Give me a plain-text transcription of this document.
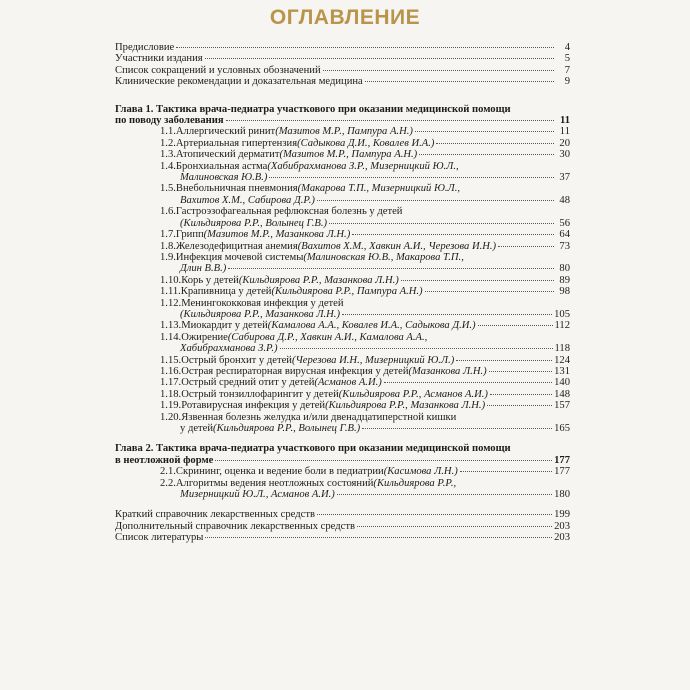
ОГЛАВЛЕНИЕ
Предисловие	4
Участники издания	5
Список сокращений и условных обозначений	7
Клинические рекомендации и доказательная медицина	9
Глава 1. Тактика врача-педиатра участкового при оказании медицинской помощи
по поводу заболевания	11
1.1. Аллергический ринит (Мазитов М.Р., Пампура А.Н.)	11
1.2. Артериальная гипертензия (Садыкова Д.И., Ковалев И.А.)	20
1.3. Атопический дерматит (Мазитов М.Р., Пампура А.Н.)	30
1.4. Бронхиальная астма (Хабибрахманова З.Р., Мизерницкий Ю.Л.,
Малиновская Ю.В.)	37
1.5. Внебольничная пневмония (Макарова Т.П., Мизерницкий Ю.Л.,
Вахитов Х.М., Сабирова Д.Р.)	48
1.6. Гастроэзофагеальная рефлюксная болезнь у детей
(Кильдиярова Р.Р., Волынец Г.В.)	56
1.7. Грипп (Мазитов М.Р., Мазанкова Л.Н.)	64
1.8. Железодефицитная анемия (Вахитов Х.М., Хавкин А.И., Черезова И.Н.)	73
1.9. Инфекция мочевой системы (Малиновская Ю.В., Макарова Т.П.,
Длин В.В.)	80
1.10. Корь у детей (Кильдиярова Р.Р., Мазанкова Л.Н.)	89
1.11. Крапивница у детей (Кильдиярова Р.Р., Пампура А.Н.)	98
1.12. Менингококковая инфекция у детей
(Кильдиярова Р.Р., Мазанкова Л.Н.)	105
1.13. Миокардит у детей (Камалова А.А., Ковалев И.А., Садыкова Д.И.)	112
1.14. Ожирение (Сабирова Д.Р., Хавкин А.И., Камалова А.А.,
Хабибрахманова З.Р.)	118
1.15. Острый бронхит у детей (Черезова И.Н., Мизерницкий Ю.Л.)	124
1.16. Острая респираторная вирусная инфекция у детей (Мазанкова Л.Н.)	131
1.17. Острый средний отит у детей (Асманов А.И.)	140
1.18. Острый тонзиллофарингит у детей (Кильдиярова Р.Р., Асманов А.И.)	148
1.19. Ротавирусная инфекция у детей (Кильдиярова Р.Р., Мазанкова Л.Н.)	157
1.20. Язвенная болезнь желудка и/или двенадцатиперстной кишки
у детей (Кильдиярова Р.Р., Волынец Г.В.)	165
Глава 2. Тактика врача-педиатра участкового при оказании медицинской помощи
в неотложной форме	177
2.1. Скрининг, оценка и ведение боли в педиатрии (Касимова Л.Н.)	177
2.2. Алгоритмы ведения неотложных состояний (Кильдиярова Р.Р.,
Мизерницкий Ю.Л., Асманов А.И.)	180
Краткий справочник лекарственных средств	199
Дополнительный справочник лекарственных средств	203
Список литературы	203
